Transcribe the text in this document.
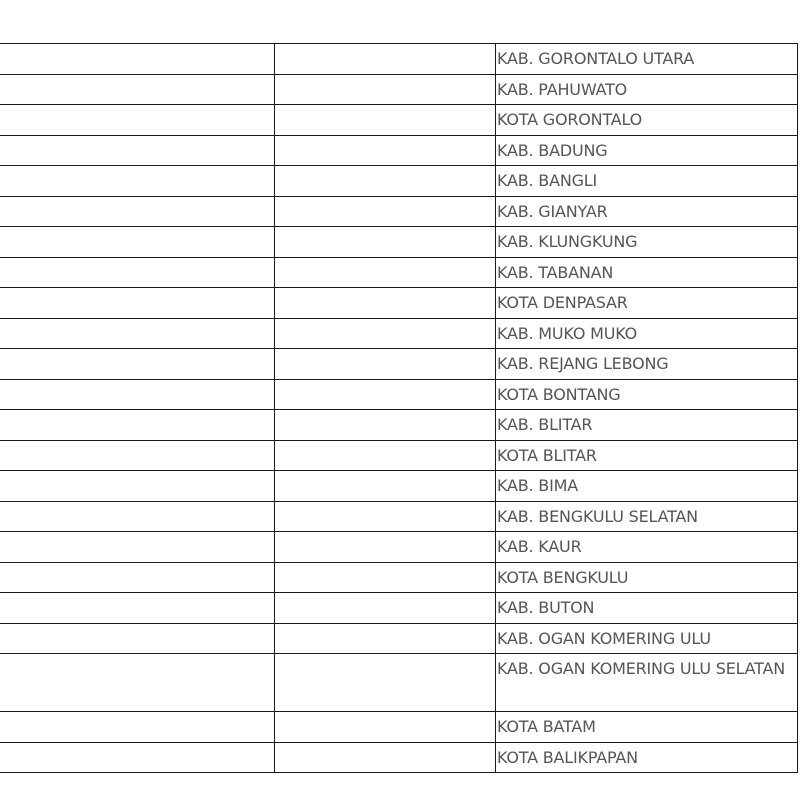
		KAB. GORONTALO UTARA
		KAB. PAHUWATO
		KOTA GORONTALO
		KAB. BADUNG
		KAB. BANGLI
		KAB. GIANYAR
		KAB. KLUNGKUNG
		KAB. TABANAN
		KOTA DENPASAR
		KAB. MUKO MUKO
		KAB. REJANG LEBONG
		KOTA BONTANG
		KAB. BLITAR
		KOTA BLITAR
		KAB. BIMA
		KAB. BENGKULU SELATAN
		KAB. KAUR
		KOTA BENGKULU
		KAB. BUTON
		KAB. OGAN KOMERING ULU
		KAB. OGAN KOMERING ULU SELATAN
		KOTA BATAM
		KOTA BALIKPAPAN
